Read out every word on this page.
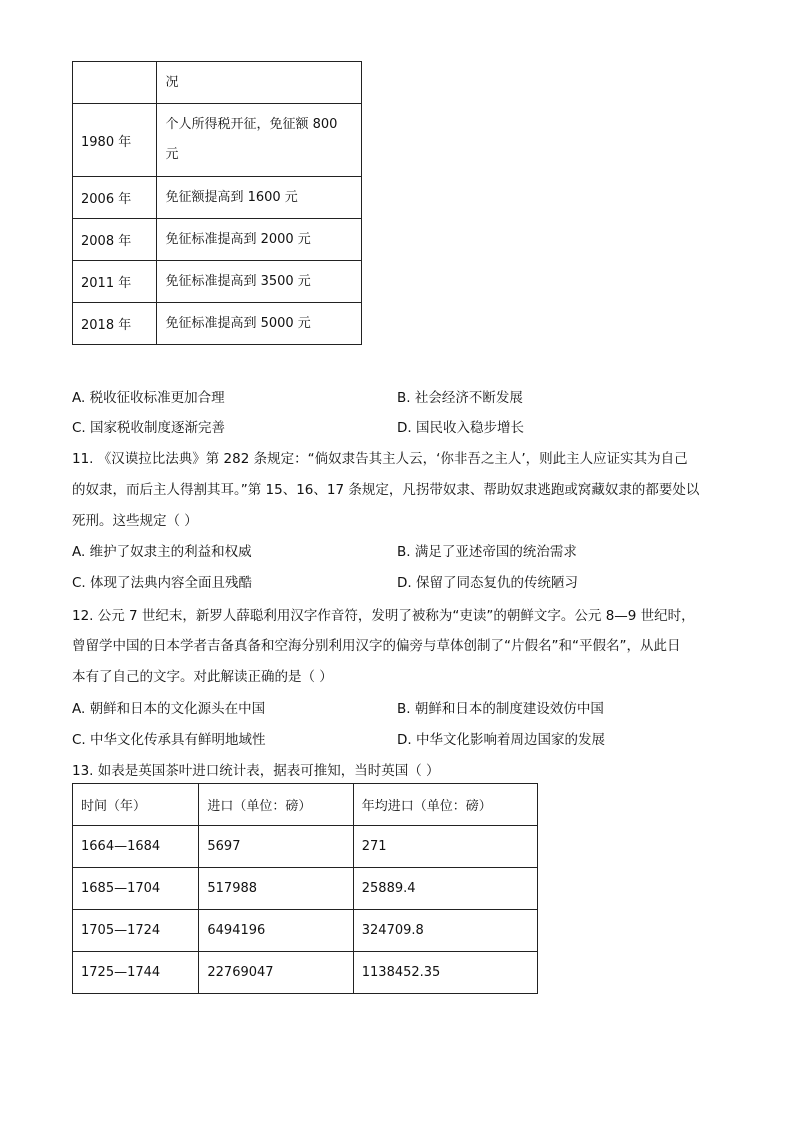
	况
1980 年	个人所得税开征，免征额 800 元
2006 年	免征额提高到 1600 元
2008 年	免征标准提高到 2000 元
2011 年	免征标准提高到 3500 元
2018 年	免征标准提高到 5000 元
A. 税收征收标准更加合理	B. 社会经济不断发展
C. 国家税收制度逐渐完善	D. 国民收入稳步增长
11. 《汉谟拉比法典》第 282 条规定：“倘奴隶告其主人云，‘你非吾之主人’，则此主人应证实其为自己
的奴隶，而后主人得割其耳。”第 15、16、17 条规定，凡拐带奴隶、帮助奴隶逃跑或窝藏奴隶的都要处以
死刑。这些规定（ ）
A. 维护了奴隶主的利益和权威	B. 满足了亚述帝国的统治需求
C. 体现了法典内容全面且残酷	D. 保留了同态复仇的传统陋习
12. 公元 7 世纪末，新罗人薛聪利用汉字作音符，发明了被称为“吏读”的朝鲜文字。公元 8—9 世纪时，
曾留学中国的日本学者吉备真备和空海分别利用汉字的偏旁与草体创制了“片假名”和“平假名”，从此日
本有了自己的文字。对此解读正确的是（ ）
A. 朝鲜和日本的文化源头在中国	B. 朝鲜和日本的制度建设效仿中国
C. 中华文化传承具有鲜明地域性	D. 中华文化影响着周边国家的发展
13. 如表是英国茶叶进口统计表，据表可推知，当时英国（ ）
时间（年）	进口（单位：磅）	年均进口（单位：磅）
1664—1684	5697	271
1685—1704	517988	25889.4
1705—1724	6494196	324709.8
1725—1744	22769047	1138452.35
